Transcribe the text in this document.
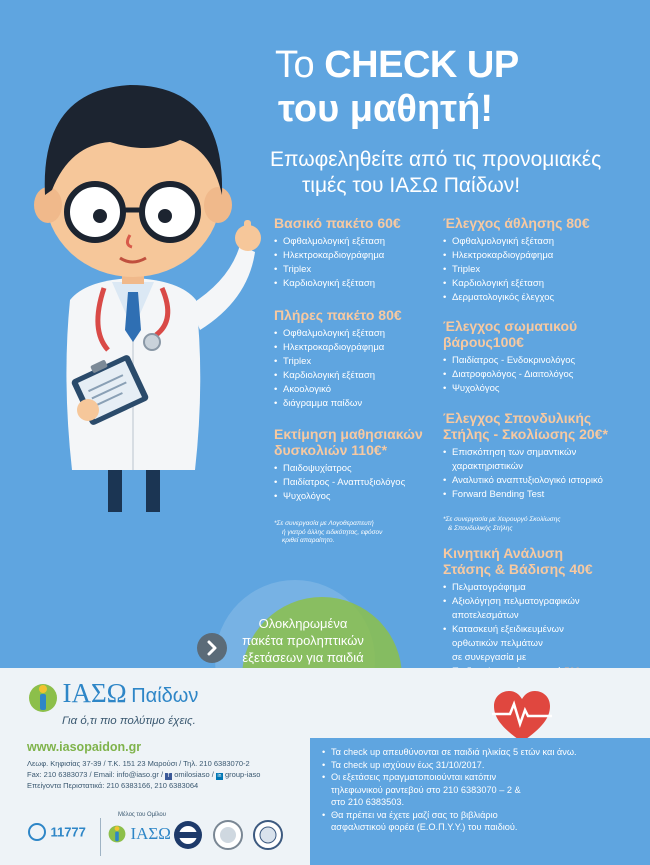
Το CHECK UP
του μαθητή!
Επωφεληθείτε από τις προνομιακές
τιμές του ΙΑΣΩ Παίδων!
Βασικό πακέτο 60€
• Οφθαλμολογική εξέταση
• Ηλεκτροκαρδιογράφημα
• Triplex
• Καρδιολογική εξέταση
Πλήρες πακέτο 80€
• Οφθαλμολογική εξέταση
• Ηλεκτροκαρδιογράφημα
• Triplex
• Καρδιολογική εξέταση
• Ακοολογικό
• διάγραμμα παίδων
Εκτίμηση μαθησιακών
δυσκολιών 110€*
• Παιδοψυχίατρος
• Παιδίατρος - Αναπτυξιολόγος
• Ψυχολόγος
*Σε συνεργασία με Λογοθεραπευτή
ή γιατρό άλλης ειδικότητας, εφόσον
κριθεί απαραίτητο.
Έλεγχος άθλησης 80€
• Οφθαλμολογική εξέταση
• Ηλεκτροκαρδιογράφημα
• Triplex
• Καρδιολογική εξέταση
• Δερματολογικός έλεγχος
Έλεγχος σωματικού
βάρους100€
• Παιδίατρος - Ενδοκρινολόγος
• Διατροφολόγος - Διαιτολόγος
• Ψυχολόγος
Έλεγχος Σπονδυλικής
Στήλης - Σκολίωσης 20€*
• Επισκόπηση των σημαντικών
χαρακτηριστικών
• Αναλυτικό αναπτυξιολογικό ιστορικό
• Forward Bending Test
*Σε συνεργασία με Χειρουργό Σκολίωσης
& Σπονδυλικής Στήλης
Κινητική Ανάλυση
Στάσης & Βάδισης 40€
• Πελματογράφημα
• Αξιολόγηση πελματογραφικών
αποτελεσμάτων
• Κατασκευή εξειδικευμένων
ορθωτικών πελμάτων
σε συνεργασία με

Ολοκληρωμένα
πακέτα προληπτικών
εξετάσεων για παιδιά
ΙΑΣΩ Παίδων
Για ό,τι πιο πολύτιμο έχεις.
www.iasopaidon.gr
Λεωφ. Κηφισίας 37-39 / Τ.Κ. 151 23 Μαρούσι / Τηλ. 210 6383070-2
Fax: 210 6383073 / Email: info@iaso.gr / f omilosiaso / in group-iaso
Επείγοντα Περιστατικά: 210 6383166, 210 6383064
Μέλος του Ομίλου
11777	ΙΑΣΩ
• Τα check up απευθύνονται σε παιδιά ηλικίας 5 ετών και άνω.
• Τα check up ισχύουν έως 31/10/2017.
• Οι εξετάσεις πραγματοποιούνται κατόπιν
τηλεφωνικού ραντεβού στο 210 6383070 – 2 &
στο 210 6383503.
• Θα πρέπει να έχετε μαζί σας το βιβλιάριο
ασφαλιστικού φορέα (Ε.Ο.Π.Υ.Υ.) του παιδιού.
